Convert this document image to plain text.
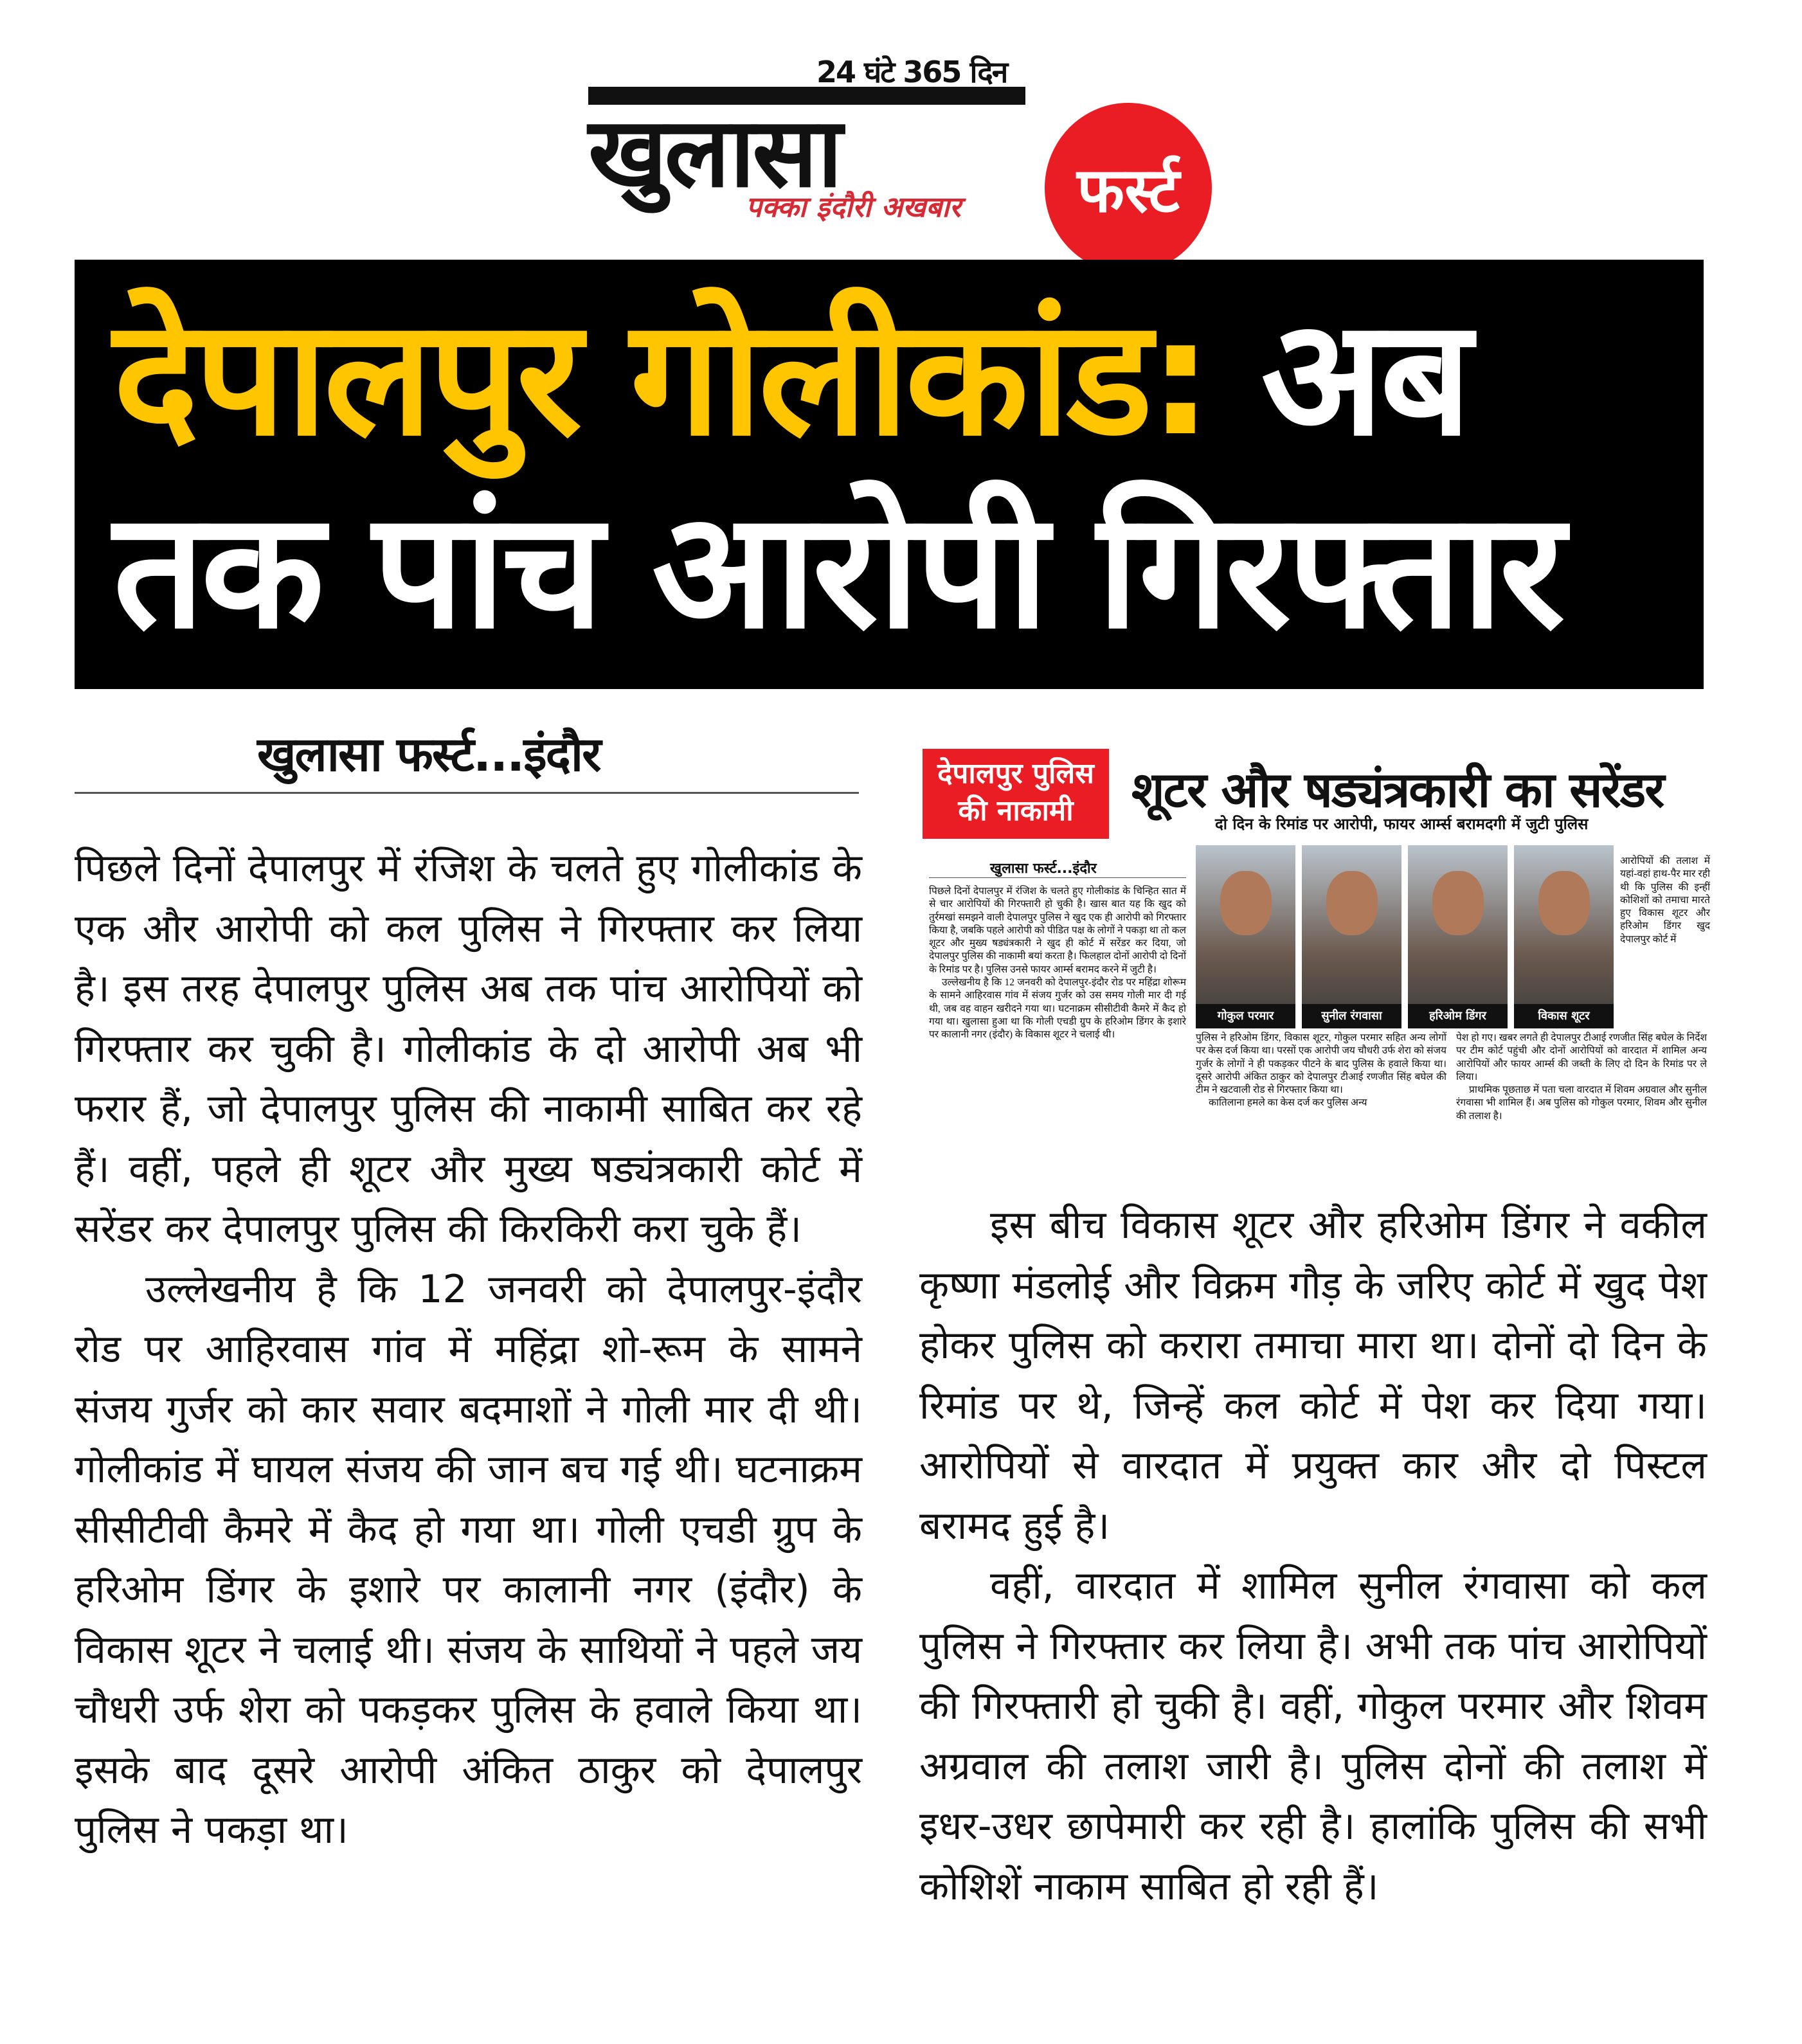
24 घंटे 365 दिन
खुलासा
पक्का इंदौरी अखबार फर्स्ट
देपालपुर गोलीकांड: अब
तक पांच आरोपी गिरफ्तार
खुलासा फर्स्ट...इंदौर

पिछले दिनों देपालपुर में रंजिश के चलते हुए गोलीकांड के एक और आरोपी को कल पुलिस ने गिरफ्तार कर लिया है। इस तरह देपालपुर पुलिस अब तक पांच आरोपियों को गिरफ्तार कर चुकी है। गोलीकांड के दो आरोपी अब भी फरार हैं, जो देपालपुर पुलिस की नाकामी साबित कर रहे हैं। वहीं, पहले ही शूटर और मुख्य षड्यंत्रकारी कोर्ट में सरेंडर कर देपालपुर पुलिस की किरकिरी करा चुके हैं।

उल्लेखनीय है कि 12 जनवरी को देपालपुर-इंदौर रोड पर आहिरवास गांव में महिंद्रा शो-रूम के सामने संजय गुर्जर को कार सवार बदमाशों ने गोली मार दी थी। गोलीकांड में घायल संजय की जान बच गई थी। घटनाक्रम सीसीटीवी कैमरे में कैद हो गया था। गोली एचडी ग्रुप के हरिओम डिंगर के इशारे पर कालानी नगर (इंदौर) के विकास शूटर ने चलाई थी। संजय के साथियों ने पहले जय चौधरी उर्फ शेरा को पकड़कर पुलिस के हवाले किया था। इसके बाद दूसरे आरोपी अंकित ठाकुर को देपालपुर पुलिस ने पकड़ा था।

देपालपुर पुलिस की नाकामी	शूटर और षड्यंत्रकारी का सरेंडर
दो दिन के रिमांड पर आरोपी, फायर आर्म्स बरामदगी में जुटी पुलिस
खुलासा फर्स्ट...इंदौर

पिछले दिनों देपालपुर में रंजिश के चलते हुए गोलीकांड के चिन्हित सात में से चार आरोपियों की गिरफ्तारी हो चुकी है। खास बात यह कि खुद को तुर्रमखां समझने वाली देपालपुर पुलिस ने खुद एक ही आरोपी को गिरफ्तार किया है, जबकि पहले आरोपी को पीडित पक्ष के लोगों ने पकड़ा था तो कल शूटर और मुख्य षड्यंत्रकारी ने खुद ही कोर्ट में सरेंडर कर दिया, जो देपालपुर पुलिस की नाकामी बयां करता है। फिलहाल दोनों आरोपी दो दिनों के रिमांड पर है। पुलिस उनसे फायर आर्म्स बरामद करने में जुटी है।

उल्लेखनीय है कि 12 जनवरी को देपालपुर-इंदौर रोड पर महिंद्रा शोरूम के सामने आहिरवास गांव में संजय गुर्जर को उस समय गोली मार दी गई थी, जब वह वाहन खरीदने गया था। घटनाक्रम सीसीटीवी कैमरे में कैद हो गया था। खुलासा हुआ था कि गोली एचडी ग्रुप के हरिओम डिंगर के इशारे पर कालानी नगर (इंदौर) के विकास शूटर ने चलाई थी।

गोकुल परमार	सुनील रंगवासा	हरिओम डिंगर	विकास शूटर
आरोपियों की तलाश में यहां-वहां हाथ-पैर मार रही थी कि पुलिस की इन्हीं कोशिशों को तमाचा मारते हुए विकास शूटर और हरिओम डिंगर खुद देपालपुर कोर्ट में

पुलिस ने हरिओम डिंगर, विकास शूटर, गोकुल परमार सहित अन्य लोगों पर केस दर्ज किया था। परसों एक आरोपी जय चौधरी उर्फ शेरा को संजय गुर्जर के लोगों ने ही पकड़कर पीटने के बाद पुलिस के हवाले किया था। दूसरे आरोपी अंकित ठाकुर को देपालपुर टीआई रणजीत सिंह बघेल की टीम ने खटवाली रोड से गिरफ्तार किया था।

कातिलाना हमले का केस दर्ज कर पुलिस अन्य

पेश हो गए। खबर लगते ही देपालपुर टीआई रणजीत सिंह बघेल के निर्देश पर टीम कोर्ट पहुंची और दोनों आरोपियों को वारदात में शामिल अन्य आरोपियों और फायर आर्म्स की जब्ती के लिए दो दिन के रिमांड पर ले लिया।

प्राथमिक पूछताछ में पता चला वारदात में शिवम अग्रवाल और सुनील रंगवासा भी शामिल हैं। अब पुलिस को गोकुल परमार, शिवम और सुनील की तलाश है।

इस बीच विकास शूटर और हरिओम डिंगर ने वकील कृष्णा मंडलोई और विक्रम गौड़ के जरिए कोर्ट में खुद पेश होकर पुलिस को करारा तमाचा मारा था। दोनों दो दिन के रिमांड पर थे, जिन्हें कल कोर्ट में पेश कर दिया गया। आरोपियों से वारदात में प्रयुक्त कार और दो पिस्टल बरामद हुई है।

वहीं, वारदात में शामिल सुनील रंगवासा को कल पुलिस ने गिरफ्तार कर लिया है। अभी तक पांच आरोपियों की गिरफ्तारी हो चुकी है। वहीं, गोकुल परमार और शिवम अग्रवाल की तलाश जारी है। पुलिस दोनों की तलाश में इधर-उधर छापेमारी कर रही है। हालांकि पुलिस की सभी कोशिशें नाकाम साबित हो रही हैं।
